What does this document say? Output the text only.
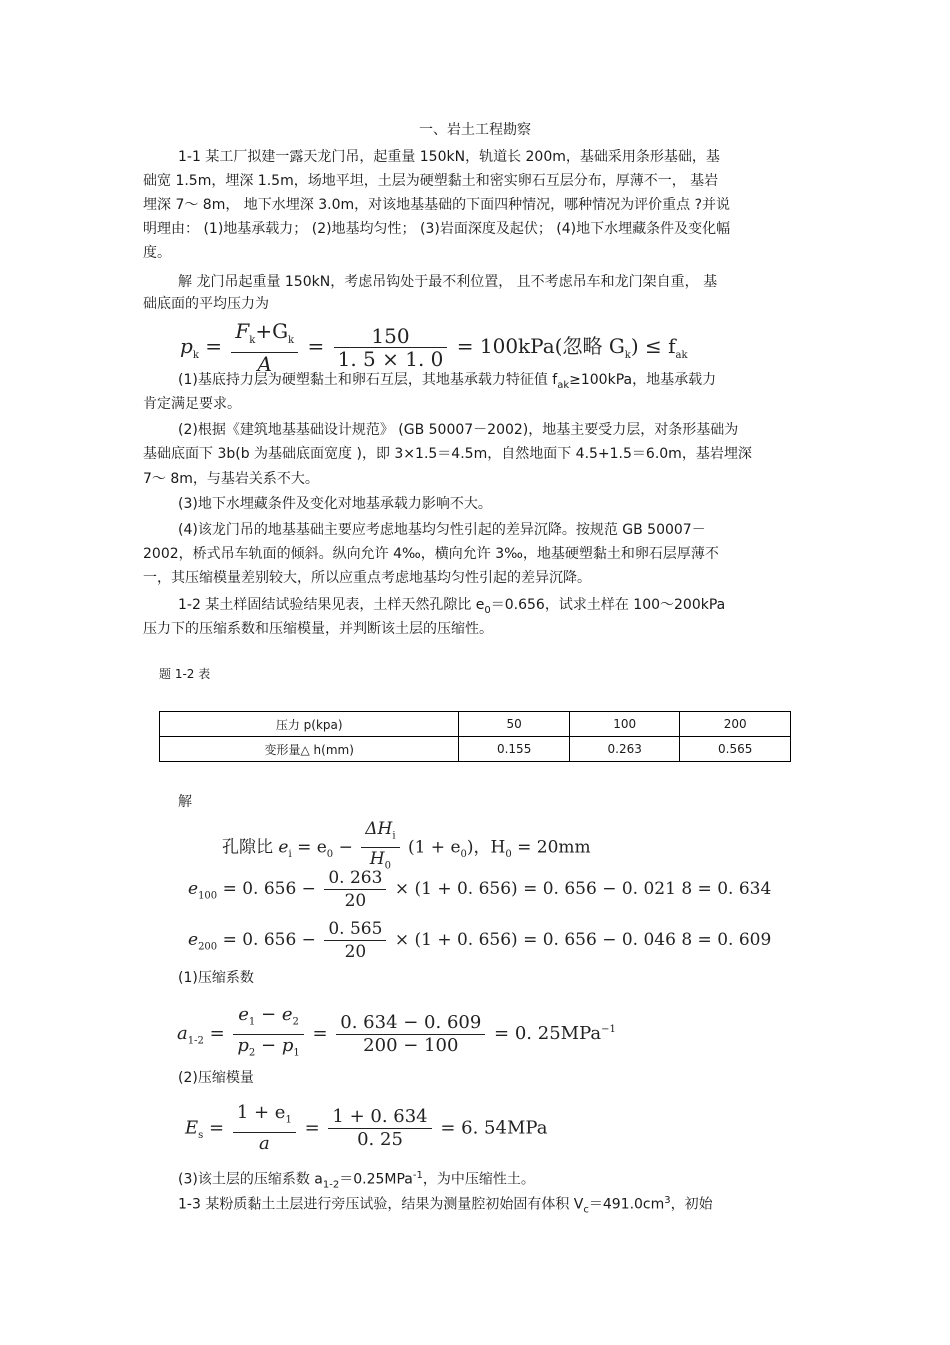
一、岩土工程勘察
1-1 某工厂拟建一露天龙门吊，起重量 150kN，轨道长 200m，基础采用条形基础，基
础宽 1.5m，埋深 1.5m，场地平坦，土层为硬塑黏土和密实卵石互层分布，厚薄不一， 基岩
埋深 7～ 8m， 地下水埋深 3.0m，对该地基基础的下面四种情况，哪种情况为评价重点 ?并说
明理由： (1)地基承载力； (2)地基均匀性； (3)岩面深度及起伏； (4)地下水埋藏条件及变化幅
度。
解 龙门吊起重量 150kN，考虑吊钩处于最不利位置， 且不考虑吊车和龙门架自重， 基
础底面的平均压力为
$p_k = \frac{F_k+G_k}{A} = \frac{150}{1. 5 \times 1. 0} = 100kPa$(忽略 $G_k) \le f_{ak}$
(1)基底持力层为硬塑黏土和卵石互层，其地基承载力特征值 $f_{ak}\ge 100kPa$，地基承载力
肯定满足要求。
(2)根据《建筑地基基础设计规范》 (GB 50007－2002)，地基主要受力层，对条形基础为
基础底面下 3b(b 为基础底面宽度 )，即 3×1.5＝4.5m，自然地面下 4.5+1.5＝6.0m，基岩埋深
7～ 8m，与基岩关系不大。
(3)地下水埋藏条件及变化对地基承载力影响不大。
(4)该龙门吊的地基基础主要应考虑地基均匀性引起的差异沉降。按规范 GB 50007－
2002，桥式吊车轨面的倾斜。纵向允许 4‰，横向允许 3‰，地基硬塑黏土和卵石层厚薄不
一，其压缩模量差别较大，所以应重点考虑地基均匀性引起的差异沉降。
1-2 某土样固结试验结果见表，土样天然孔隙比 $e_0=0.656$，试求土样在 100～200kPa
压力下的压缩系数和压缩模量，并判断该土层的压缩性。
题 1-2 表
压力 p(kpa)	50	100	200
变形量△ h(mm)	0.155	0.263	0.565
解
孔隙比 $e_i = e_0 - \frac{\Delta H_i}{H_0} (1 + e_0)$，$H_0 = 20mm$
$e_{100} = 0$. $656 - \frac{0. 263}{20} \times (1 + 0$. 656) = 0. 656 − 0. 021 8 = 0. 634
$e_{200} = 0$. $656 - \frac{0. 565}{20} \times (1 + 0$. 656) = 0. 656 − 0. 046 8 = 0. 609
(1)压缩系数
$a_{1-2} = \frac{e_1 - e_2}{p_2 - p_1} = \frac{0. 634 - 0. 609}{200 - 100} = 0$. 25MPa$^{-1}$
(2)压缩模量
$E_s = \frac{1 + e_1}{a} = \frac{1 + 0. 634}{0. 25} = 6$. 54MPa
(3)该土层的压缩系数 $a_{1-2}=0.25MPa^{-1}$，为中压缩性土。
1-3 某粉质黏土土层进行旁压试验，结果为测量腔初始固有体积 $V_c=491.0cm^3$，初始
